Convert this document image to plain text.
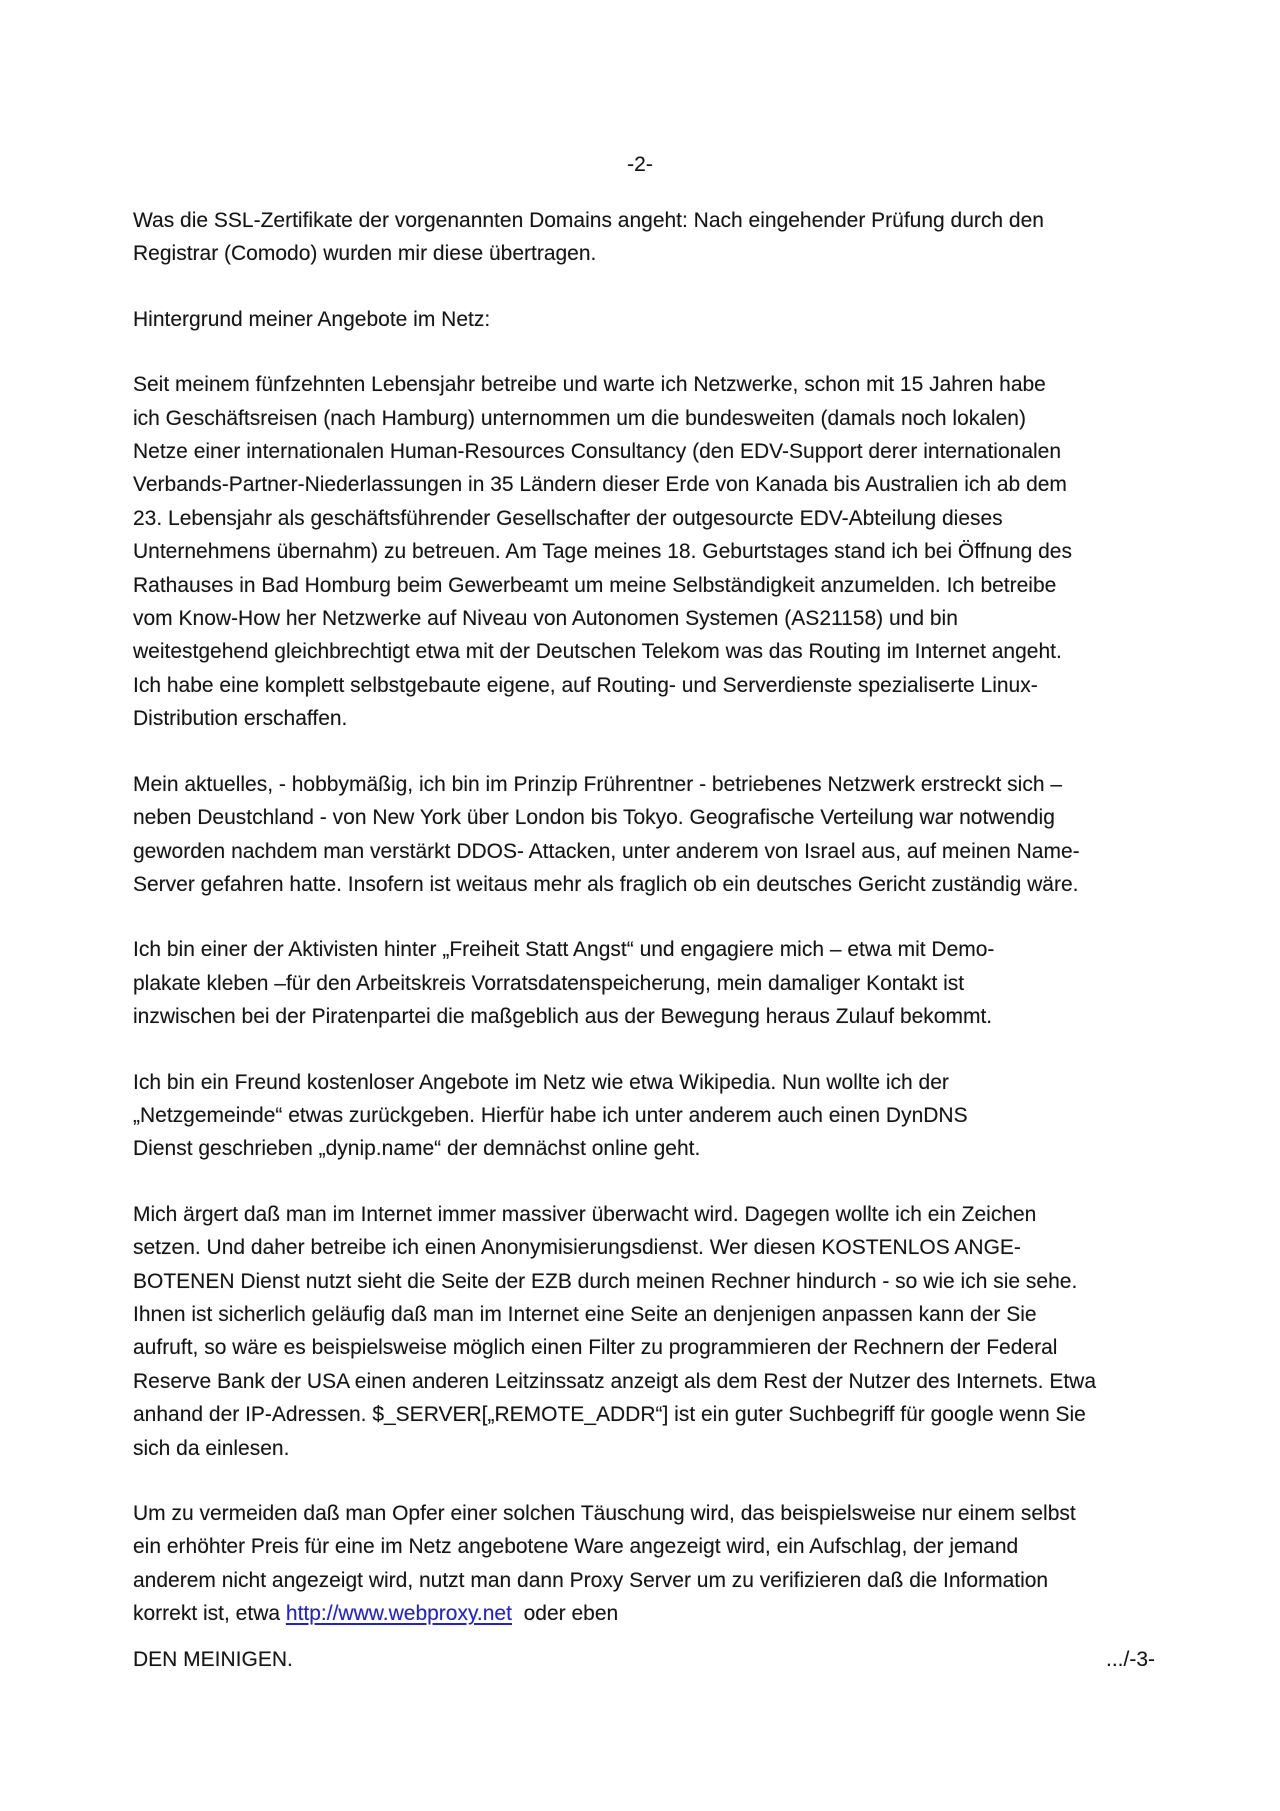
-2-
Was die SSL-Zertifikate der vorgenannten Domains angeht: Nach eingehender Prüfung durch den
Registrar (Comodo) wurden mir diese übertragen.
Hintergrund meiner Angebote im Netz:
Seit meinem fünfzehnten Lebensjahr betreibe und warte ich Netzwerke, schon mit 15 Jahren habe
ich Geschäftsreisen (nach Hamburg) unternommen um die bundesweiten (damals noch lokalen)
Netze einer internationalen Human-Resources Consultancy (den EDV-Support derer internationalen
Verbands-Partner-Niederlassungen in 35 Ländern dieser Erde von Kanada bis Australien ich ab dem
23. Lebensjahr als geschäftsführender Gesellschafter der outgesourcte EDV-Abteilung dieses
Unternehmens übernahm) zu betreuen. Am Tage meines 18. Geburtstages stand ich bei Öffnung des
Rathauses in Bad Homburg beim Gewerbeamt um meine Selbständigkeit anzumelden. Ich betreibe
vom Know-How her Netzwerke auf Niveau von Autonomen Systemen (AS21158) und bin
weitestgehend gleichbrechtigt etwa mit der Deutschen Telekom was das Routing im Internet angeht.
Ich habe eine komplett selbstgebaute eigene, auf Routing- und Serverdienste spezialiserte Linux-
Distribution erschaffen.
Mein aktuelles, - hobbymäßig, ich bin im Prinzip Frührentner - betriebenes Netzwerk erstreckt sich –
neben Deustchland - von New York über London bis Tokyo. Geografische Verteilung war notwendig
geworden nachdem man verstärkt DDOS- Attacken, unter anderem von Israel aus, auf meinen Name-
Server gefahren hatte. Insofern ist weitaus mehr als fraglich ob ein deutsches Gericht zuständig wäre.
Ich bin einer der Aktivisten hinter „Freiheit Statt Angst“ und engagiere mich – etwa mit Demo-
plakate kleben –für den Arbeitskreis Vorratsdatenspeicherung, mein damaliger Kontakt ist
inzwischen bei der Piratenpartei die maßgeblich aus der Bewegung heraus Zulauf bekommt.
Ich bin ein Freund kostenloser Angebote im Netz wie etwa Wikipedia. Nun wollte ich der
„Netzgemeinde“ etwas zurückgeben. Hierfür habe ich unter anderem auch einen DynDNS
Dienst geschrieben „dynip.name“ der demnächst online geht.
Mich ärgert daß man im Internet immer massiver überwacht wird. Dagegen wollte ich ein Zeichen
setzen. Und daher betreibe ich einen Anonymisierungsdienst. Wer diesen KOSTENLOS ANGE-
BOTENEN Dienst nutzt sieht die Seite der EZB durch meinen Rechner hindurch - so wie ich sie sehe.
Ihnen ist sicherlich geläufig daß man im Internet eine Seite an denjenigen anpassen kann der Sie
aufruft, so wäre es beispielsweise möglich einen Filter zu programmieren der Rechnern der Federal
Reserve Bank der USA einen anderen Leitzinssatz anzeigt als dem Rest der Nutzer des Internets. Etwa
anhand der IP-Adressen. $_SERVER[„REMOTE_ADDR“] ist ein guter Suchbegriff für google wenn Sie
sich da einlesen.
Um zu vermeiden daß man Opfer einer solchen Täuschung wird, das beispielsweise nur einem selbst
ein erhöhter Preis für eine im Netz angebotene Ware angezeigt wird, ein Aufschlag, der jemand
anderem nicht angezeigt wird, nutzt man dann Proxy Server um zu verifizieren daß die Information
korrekt ist, etwa http://www.webproxy.net  oder eben
DEN MEINIGEN.	.../-3-
